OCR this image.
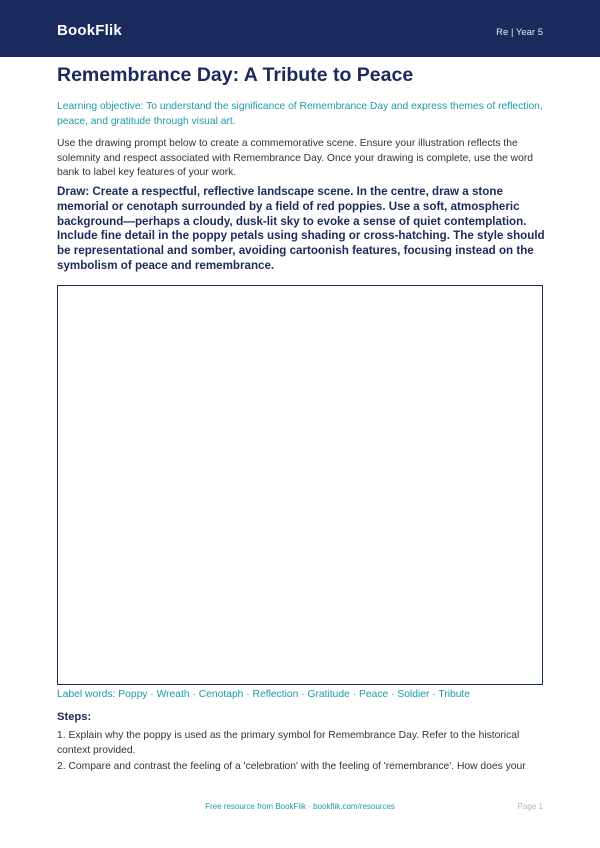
BookFlik	Re | Year 5
Remembrance Day: A Tribute to Peace

Learning objective: To understand the significance of Remembrance Day and express themes of reflection, peace, and gratitude through visual art.

Use the drawing prompt below to create a commemorative scene. Ensure your illustration reflects the solemnity and respect associated with Remembrance Day. Once your drawing is complete, use the word bank to label key features of your work.

Draw: Create a respectful, reflective landscape scene. In the centre, draw a stone memorial or cenotaph surrounded by a field of red poppies. Use a soft, atmospheric background—perhaps a cloudy, dusk-lit sky to evoke a sense of quiet contemplation. Include fine detail in the poppy petals using shading or cross-hatching. The style should be representational and somber, avoiding cartoonish features, focusing instead on the symbolism of peace and remembrance.

Label words: Poppy · Wreath · Cenotaph · Reflection · Gratitude · Peace · Soldier · Tribute

Steps:

1. Explain why the poppy is used as the primary symbol for Remembrance Day. Refer to the historical context provided.

2. Compare and contrast the feeling of a 'celebration' with the feeling of 'remembrance'. How does your

Free resource from BookFlik · bookflik.com/resources	Page 1
